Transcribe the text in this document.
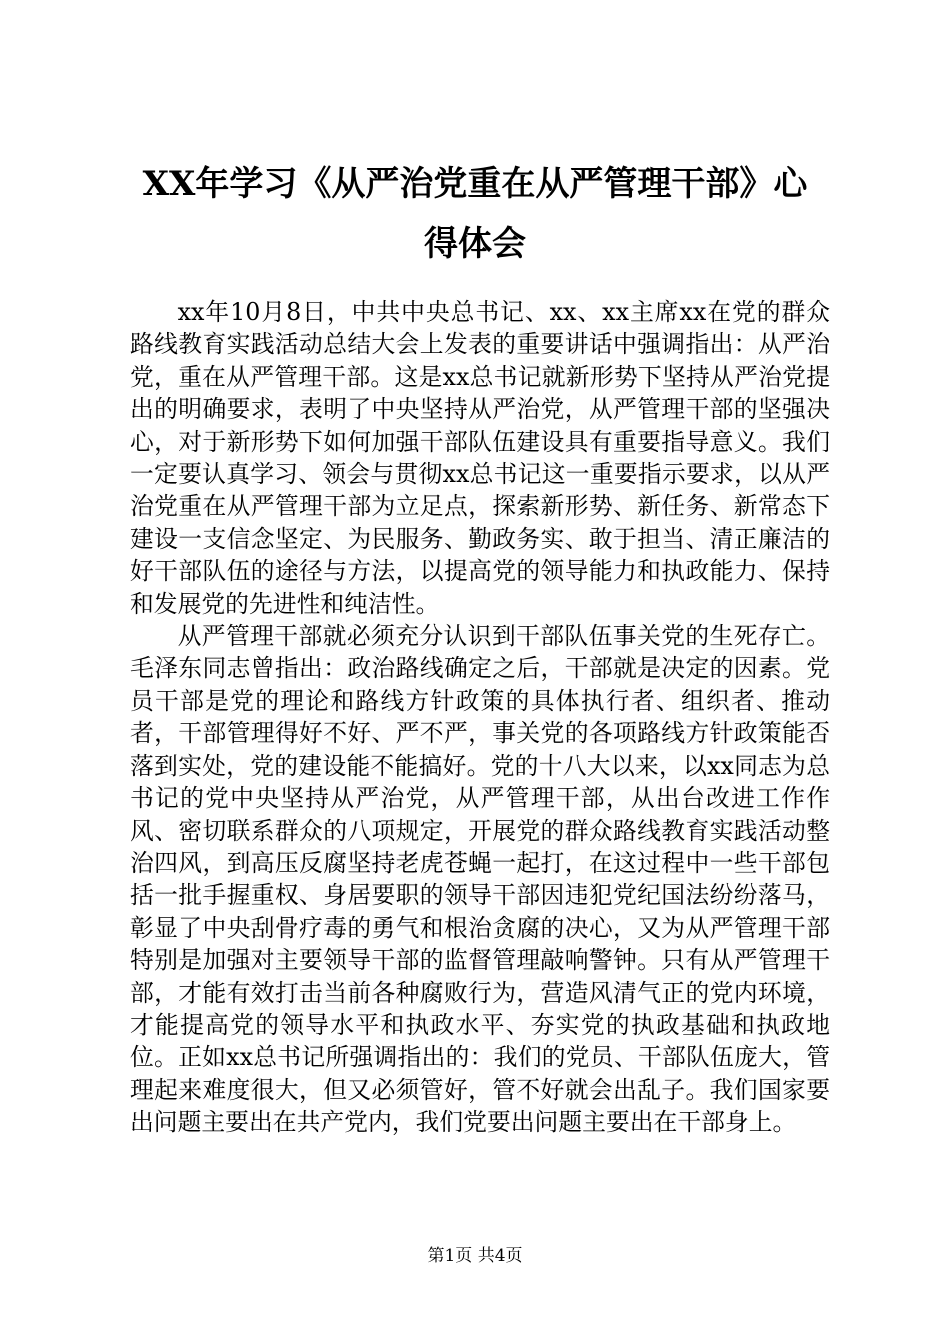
XX年学习《从严治党重在从严管理干部》心
得体会

xx年10月8日，中共中央总书记、xx、xx主席xx在党的群众路线教育实践活动总结大会上发表的重要讲话中强调指出：从严治党，重在从严管理干部。这是xx总书记就新形势下坚持从严治党提出的明确要求，表明了中央坚持从严治党，从严管理干部的坚强决心，对于新形势下如何加强干部队伍建设具有重要指导意义。我们一定要认真学习、领会与贯彻xx总书记这一重要指示要求，以从严治党重在从严管理干部为立足点，探索新形势、新任务、新常态下建设一支信念坚定、为民服务、勤政务实、敢于担当、清正廉洁的好干部队伍的途径与方法，以提高党的领导能力和执政能力、保持和发展党的先进性和纯洁性。

从严管理干部就必须充分认识到干部队伍事关党的生死存亡。毛泽东同志曾指出：政治路线确定之后，干部就是决定的因素。党员干部是党的理论和路线方针政策的具体执行者、组织者、推动者，干部管理得好不好、严不严，事关党的各项路线方针政策能否落到实处，党的建设能不能搞好。党的十八大以来，以xx同志为总书记的党中央坚持从严治党，从严管理干部，从出台改进工作作风、密切联系群众的八项规定，开展党的群众路线教育实践活动整治四风，到高压反腐坚持老虎苍蝇一起打，在这过程中一些干部包括一批手握重权、身居要职的领导干部因违犯党纪国法纷纷落马，彰显了中央刮骨疗毒的勇气和根治贪腐的决心，又为从严管理干部特别是加强对主要领导干部的监督管理敲响警钟。只有从严管理干部，才能有效打击当前各种腐败行为，营造风清气正的党内环境，才能提高党的领导水平和执政水平、夯实党的执政基础和执政地位。正如xx总书记所强调指出的：我们的党员、干部队伍庞大，管理起来难度很大，但又必须管好，管不好就会出乱子。我们国家要出问题主要出在共产党内，我们党要出问题主要出在干部身上。

第1页 共4页
